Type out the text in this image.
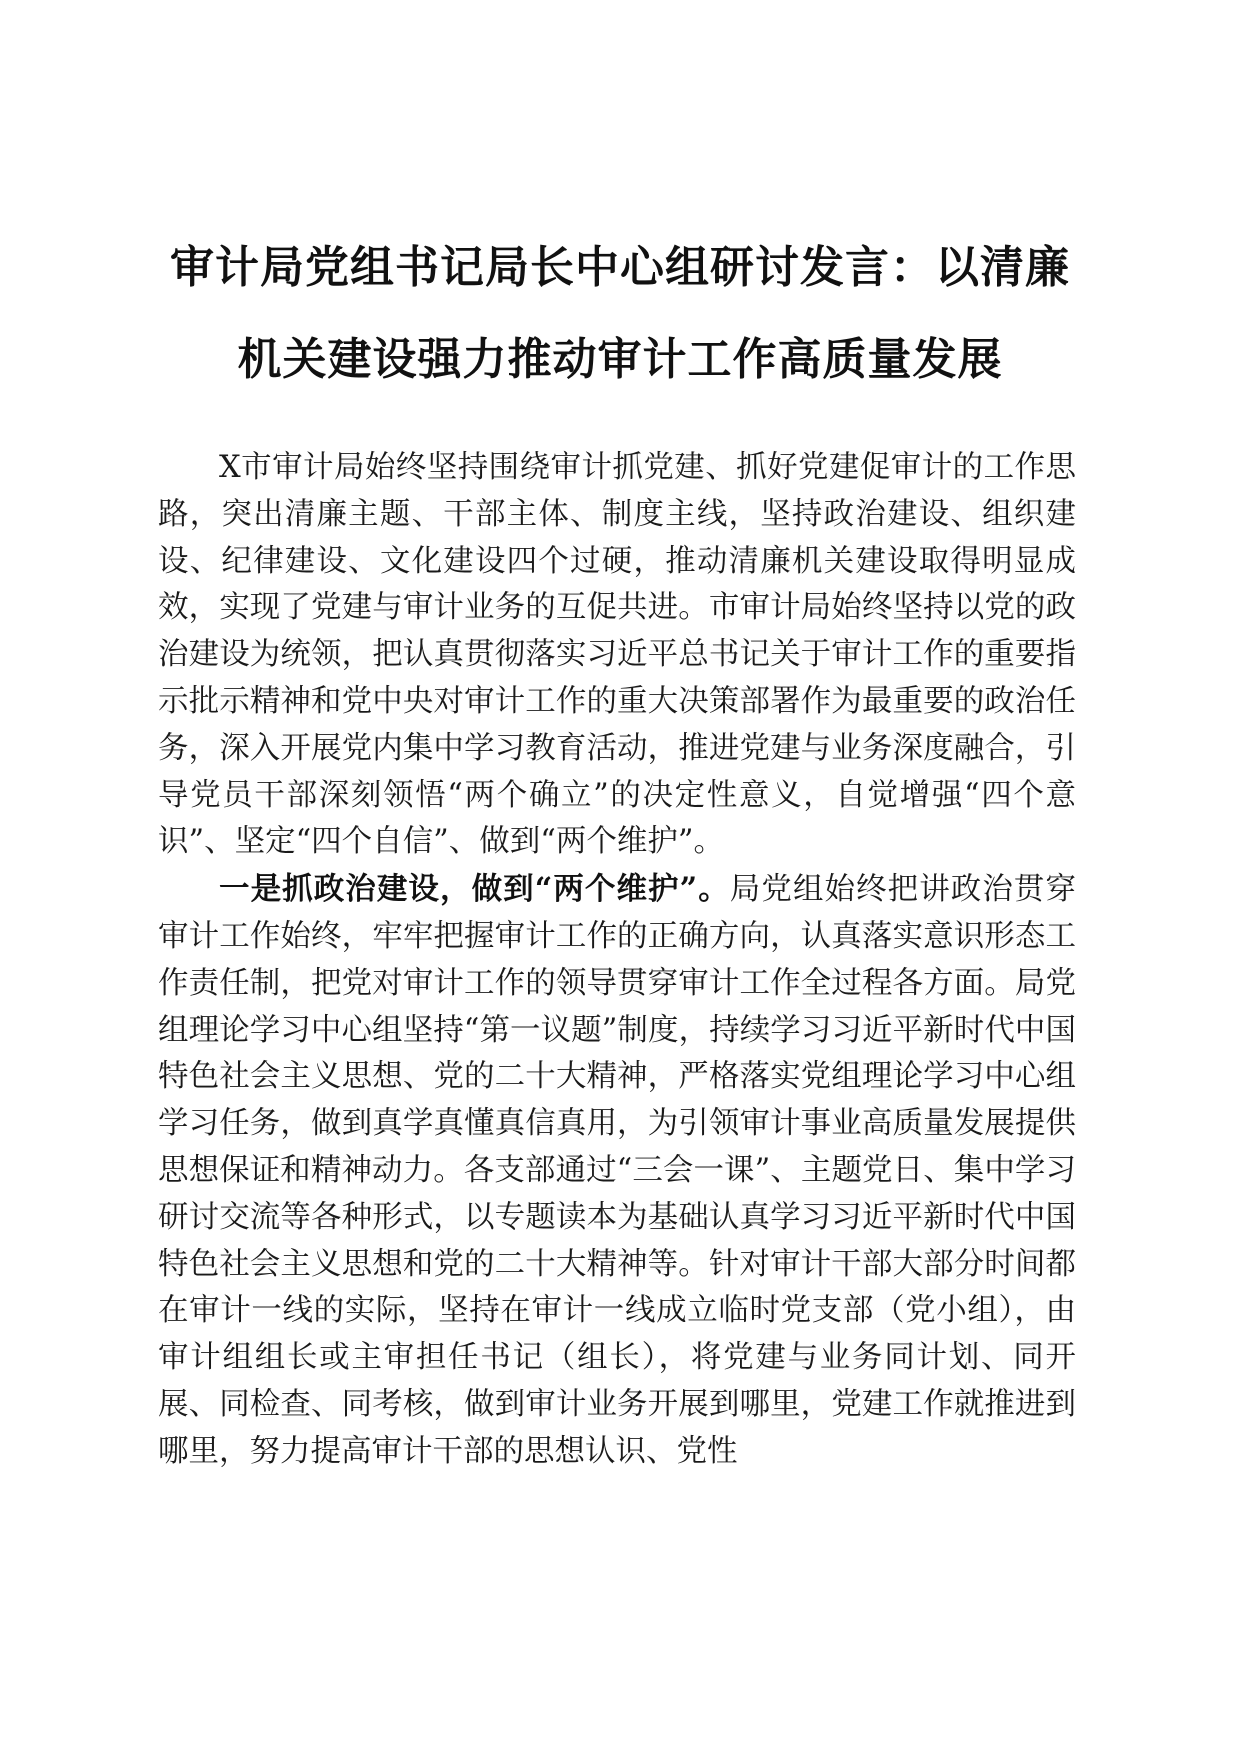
审计局党组书记局长中心组研讨发言：以清廉
机关建设强力推动审计工作高质量发展

X市审计局始终坚持围绕审计抓党建、抓好党建促审计的工作思路，突出清廉主题、干部主体、制度主线，坚持政治建设、组织建设、纪律建设、文化建设四个过硬，推动清廉机关建设取得明显成效，实现了党建与审计业务的互促共进。市审计局始终坚持以党的政治建设为统领，把认真贯彻落实习近平总书记关于审计工作的重要指示批示精神和党中央对审计工作的重大决策部署作为最重要的政治任务，深入开展党内集中学习教育活动，推进党建与业务深度融合，引导党员干部深刻领悟“两个确立”的决定性意义，自觉增强“四个意识”、坚定“四个自信”、做到“两个维护”。

一是抓政治建设，做到“两个维护”。局党组始终把讲政治贯穿审计工作始终，牢牢把握审计工作的正确方向，认真落实意识形态工作责任制，把党对审计工作的领导贯穿审计工作全过程各方面。局党组理论学习中心组坚持“第一议题”制度，持续学习习近平新时代中国特色社会主义思想、党的二十大精神，严格落实党组理论学习中心组学习任务，做到真学真懂真信真用，为引领审计事业高质量发展提供思想保证和精神动力。各支部通过“三会一课”、主题党日、集中学习研讨交流等各种形式，以专题读本为基础认真学习习近平新时代中国特色社会主义思想和党的二十大精神等。针对审计干部大部分时间都在审计一线的实际，坚持在审计一线成立临时党支部（党小组），由审计组组长或主审担任书记（组长），将党建与业务同计划、同开展、同检查、同考核，做到审计业务开展到哪里，党建工作就推进到哪里，努力提高审计干部的思想认识、党性
